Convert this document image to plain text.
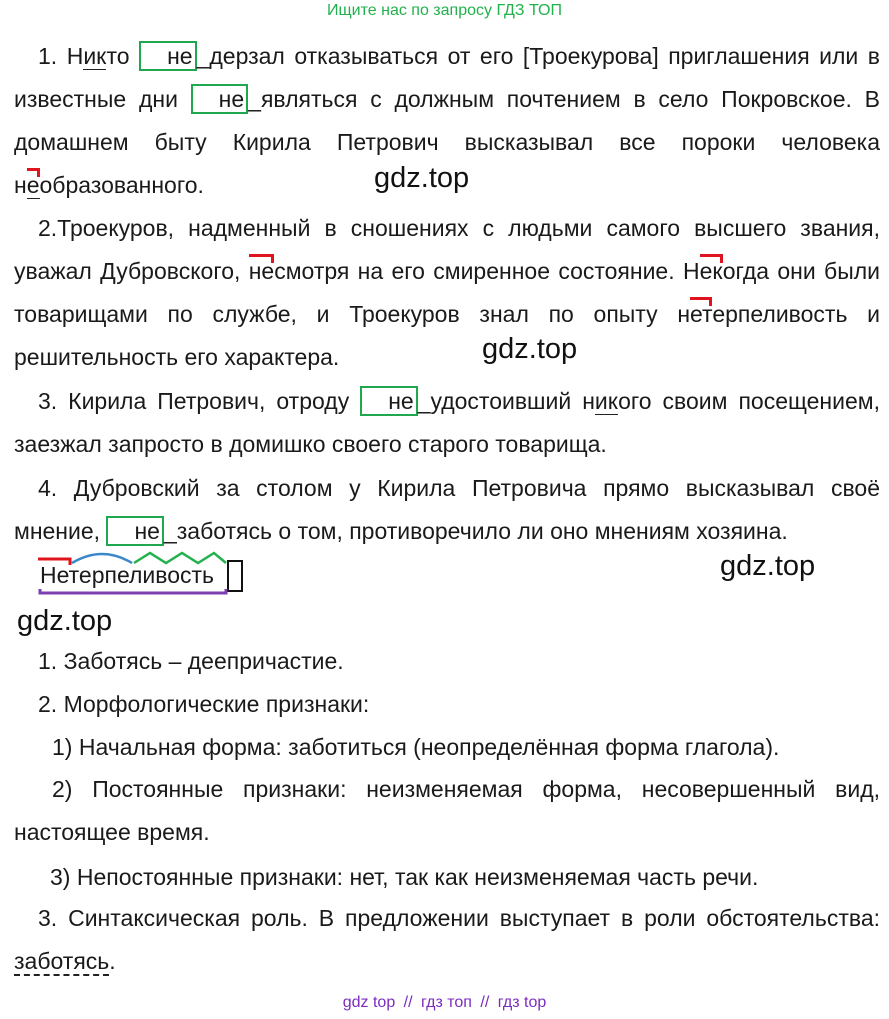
Ищите нас по запросу ГДЗ ТОП
1. Никто не _дерзал отказываться от его [Троекурова] приглашения или в известные дни не _являться с должным почтением в село Покровское. В домашнем быту Кирила Петрович высказывал все пороки человека необразованного.
2.Троекуров, надменный в сношениях с людьми самого высшего звания, уважал Дубровского, несмотря на его смиренное состояние. Некогда они были товарищами по службе, и Троекуров знал по опыту нетерпеливость и решительность его характера.
3. Кирила Петрович, отроду не _удостоивший никого своим посещением, заезжал запросто в домишко своего старого товарища.
4. Дубровский за столом у Кирила Петровича прямо высказывал своё мнение, не _заботясь о том, противоречило ли оно мнениям хозяина.
Нетерпеливость
gdz.top
gdz.top
gdz.top
gdz.top
1. Заботясь – деепричастие.
2. Морфологические признаки:
1) Начальная форма: заботиться (неопределённая форма глагола).
2) Постоянные признаки: неизменяемая форма, несовершенный вид, настоящее время.
3) Непостоянные признаки: нет, так как неизменяемая часть речи.
3. Синтаксическая роль. В предложении выступает в роли обстоятельства: заботясь.
gdz top // гдз топ // гдз top
